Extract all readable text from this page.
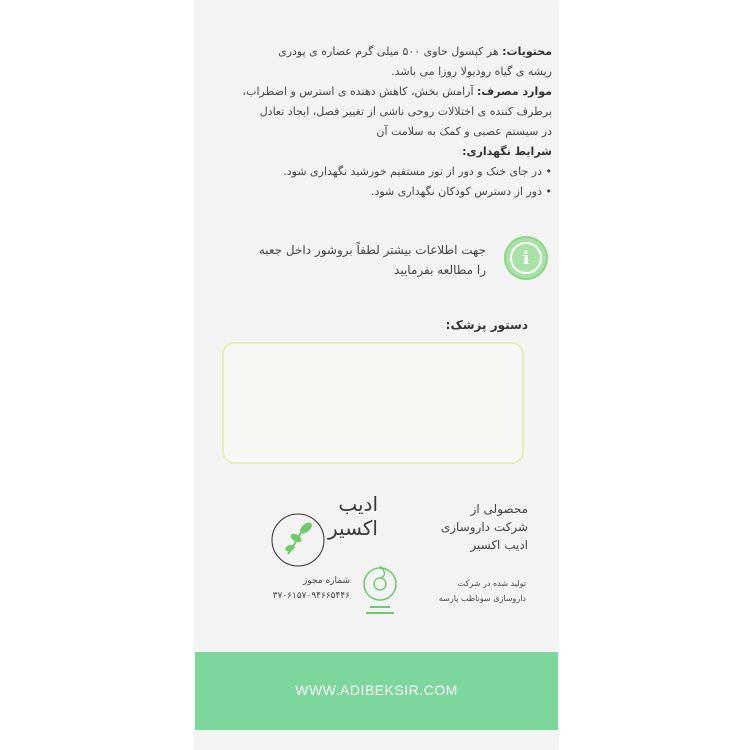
محتویات: هر کپسول حاوی ۵۰۰ میلی گرم عصاره ی پودری
ریشه ی گیاه رودیولا روزا می باشد.
موارد مصرف: آرامش بخش، کاهش دهنده ی استرس و اضطراب،
برطرف کننده ی اختلالات روحی ناشی از تغییر فصل، ایجاد تعادل
در سیستم عصبی و کمک به سلامت آن
شرایط نگهداری:
• در جای خنک و دور از نور مستقیم خورشید نگهداری شود.
• دور از دسترس کودکان نگهداری شود.
i
جهت اطلاعات بیشتر لطفاً بروشور داخل جعبه
را مطالعه بفرمایید
دستور پزشک:
ادیب
اکسیر
محصولی از
شرکت داروسازی
ادیب اکسیر
شماره مجوز
۳۷۰۶۱۵۷۰۹۴۶۶۵۴۴۶
تولید شده در شرکت
داروسازی سوناطب پارسه
WWW.ADIBEKSIR.COM
